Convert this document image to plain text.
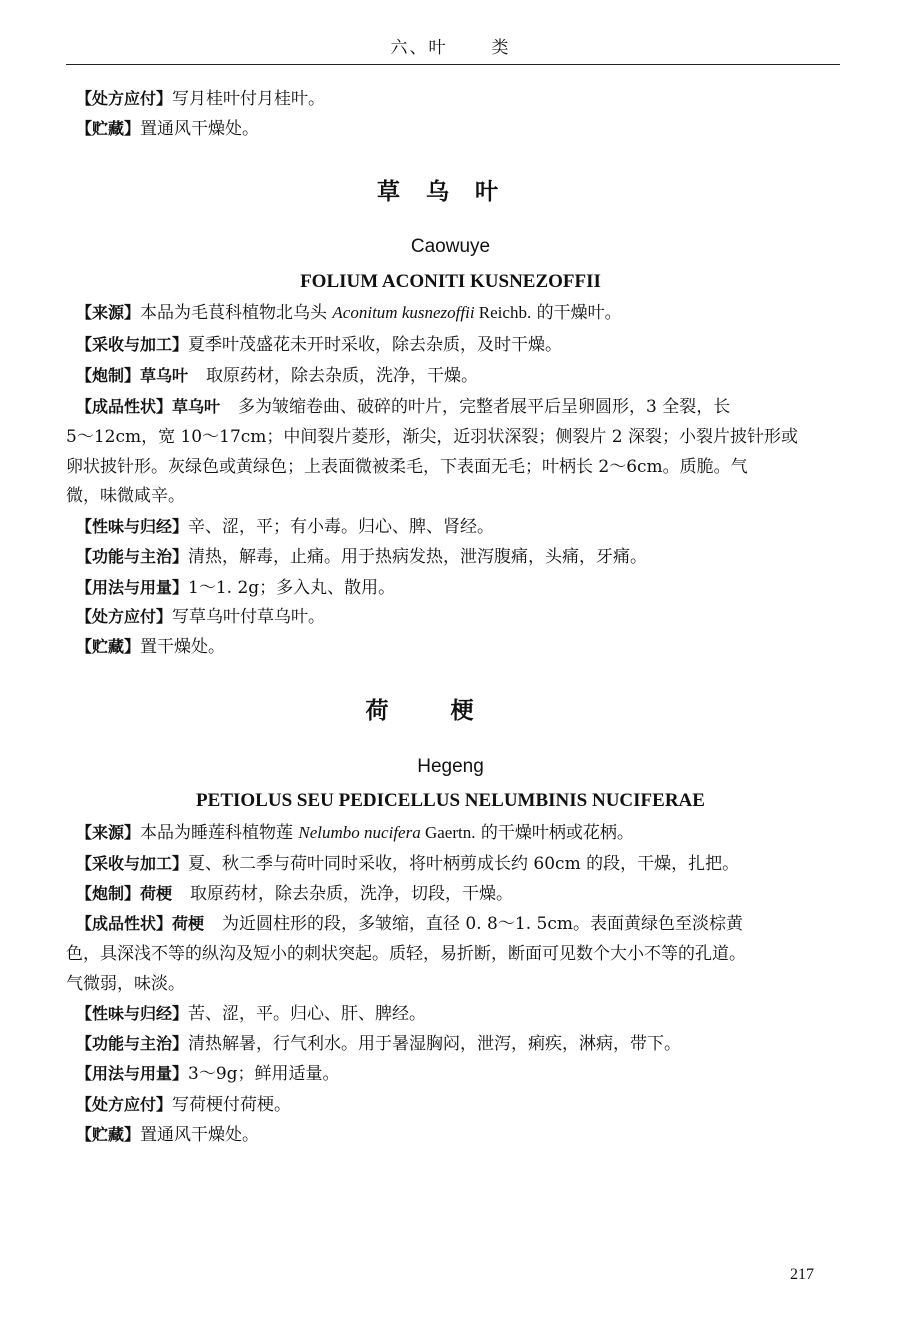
六、叶	类
【处方应付】写月桂叶付月桂叶。
【贮藏】置通风干燥处。
草乌叶
Caowuye
FOLIUM ACONITI KUSNEZOFFII
【来源】本品为毛茛科植物北乌头 Aconitum kusnezoffii Reichb. 的干燥叶。
【采收与加工】夏季叶茂盛花未开时采收，除去杂质，及时干燥。
【炮制】草乌叶 取原药材，除去杂质，洗净，干燥。
【成品性状】草乌叶 多为皱缩卷曲、破碎的叶片，完整者展平后呈卵圆形，3 全裂，长
5～12cm，宽 10～17cm；中间裂片菱形，渐尖，近羽状深裂；侧裂片 2 深裂；小裂片披针形或
卵状披针形。灰绿色或黄绿色；上表面微被柔毛，下表面无毛；叶柄长 2～6cm。质脆。气
微，味微咸辛。
【性味与归经】辛、涩，平；有小毒。归心、脾、肾经。
【功能与主治】清热，解毒，止痛。用于热病发热，泄泻腹痛，头痛，牙痛。
【用法与用量】1～1. 2g；多入丸、散用。
【处方应付】写草乌叶付草乌叶。
【贮藏】置干燥处。
荷梗
Hegeng
PETIOLUS SEU PEDICELLUS NELUMBINIS NUCIFERAE
【来源】本品为睡莲科植物莲 Nelumbo nucifera Gaertn. 的干燥叶柄或花柄。
【采收与加工】夏、秋二季与荷叶同时采收，将叶柄剪成长约 60cm 的段，干燥，扎把。
【炮制】荷梗 取原药材，除去杂质，洗净，切段，干燥。
【成品性状】荷梗 为近圆柱形的段，多皱缩，直径 0. 8～1. 5cm。表面黄绿色至淡棕黄
色，具深浅不等的纵沟及短小的刺状突起。质轻，易折断，断面可见数个大小不等的孔道。
气微弱，味淡。
【性味与归经】苦、涩，平。归心、肝、脾经。
【功能与主治】清热解暑，行气利水。用于暑湿胸闷，泄泻，痢疾，淋病，带下。
【用法与用量】3～9g；鲜用适量。
【处方应付】写荷梗付荷梗。
【贮藏】置通风干燥处。
217
